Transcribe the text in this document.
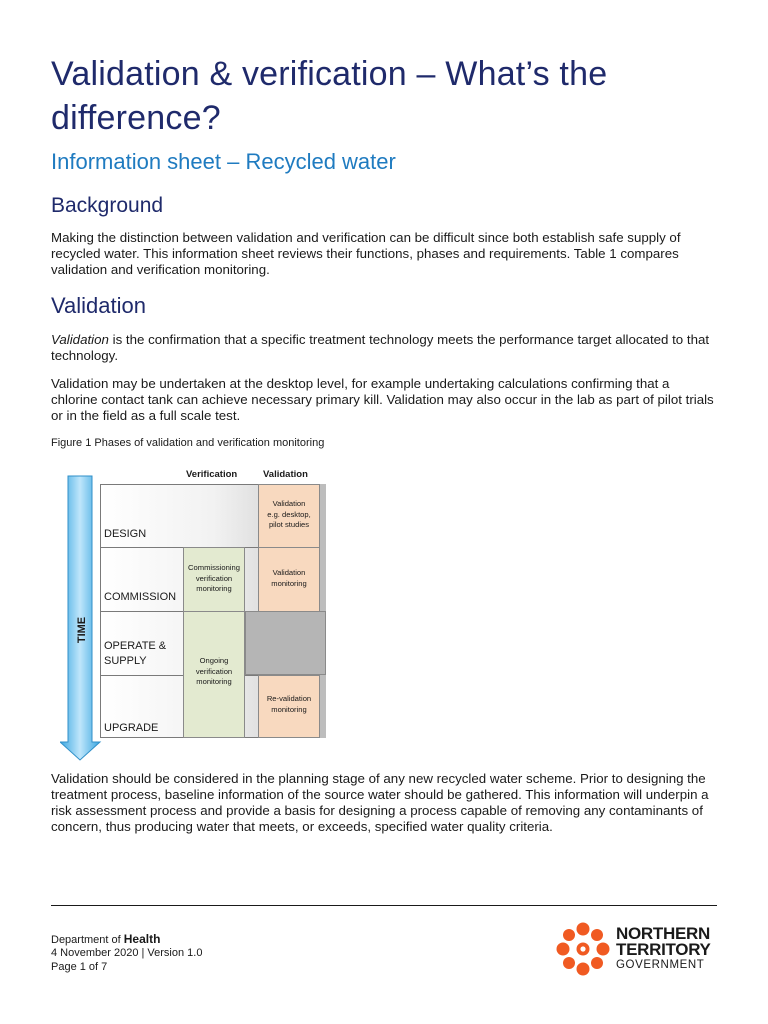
Validation & verification – What’s the difference?
Information sheet – Recycled water
Background

Making the distinction between validation and verification can be difficult since both establish safe supply of recycled water. This information sheet reviews their functions, phases and requirements. Table 1 compares validation and verification monitoring.

Validation

Validation is the confirmation that a specific treatment technology meets the performance target allocated to that technology.

Validation may be undertaken at the desktop level, for example undertaking calculations confirming that a chlorine contact tank can achieve necessary primary kill. Validation may also occur in the lab as part of pilot trials or in the field as a full scale test.

Figure 1 Phases of validation and verification monitoring

TIME
Verification	Validation
DESIGN
COMMISSION
OPERATE & SUPPLY
UPGRADE
Validation
e.g. desktop,
pilot studies
Commissioning
verification
monitoring
Validation
monitoring
Ongoing
verification
monitoring
Re-validation
monitoring

Validation should be considered in the planning stage of any new recycled water scheme. Prior to designing the treatment process, baseline information of the source water should be gathered. This information will underpin a risk assessment process and provide a basis for designing a process capable of removing any contaminants of concern, thus producing water that meets, or exceeds, specified water quality criteria.

Department of Health

4 November 2020 | Version 1.0

Page 1 of 7

NORTHERN
TERRITORY
GOVERNMENT
